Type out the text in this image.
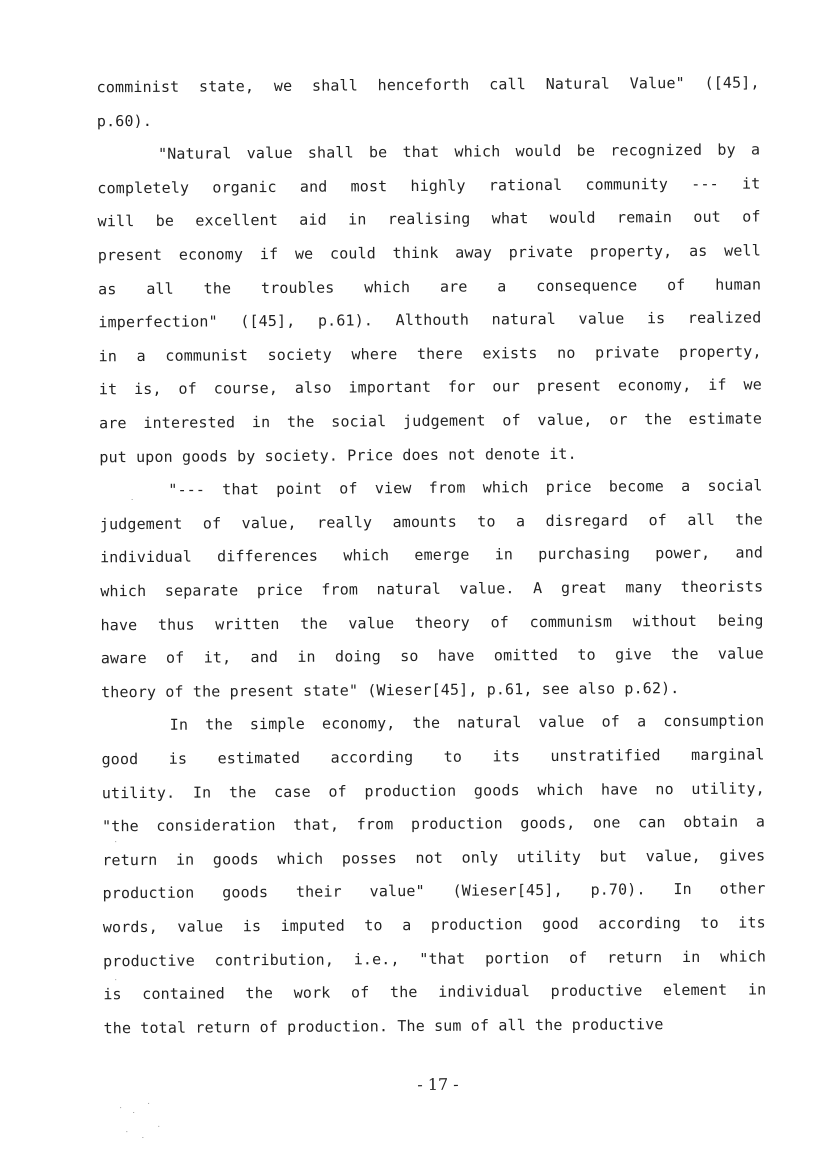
comminist state, we shall henceforth call Natural Value" ([45],
p.60).
"Natural value shall be that which would be recognized by a
completely organic and most highly rational community --- it
will be excellent aid in realising what would remain out of
present economy if we could think away private property, as well
as all the troubles which are a consequence of human
imperfection" ([45], p.61). Althouth natural value is realized
in a communist society where there exists no private property,
it is, of course, also important for our present economy, if we
are interested in the social judgement of value, or the estimate
put upon goods by society. Price does not denote it.
"--- that point of view from which price become a social
judgement of value, really amounts to a disregard of all the
individual differences which emerge in purchasing power, and
which separate price from natural value. A great many theorists
have thus written the value theory of communism without being
aware of it, and in doing so have omitted to give the value
theory of the present state" (Wieser[45], p.61, see also p.62).
In the simple economy, the natural value of a consumption
good is estimated according to its unstratified marginal
utility. In the case of production goods which have no utility,
"the consideration that, from production goods, one can obtain a
return in goods which posses not only utility but value, gives
production goods their value" (Wieser[45], p.70). In other
words, value is imputed to a production good according to its
productive contribution, i.e., "that portion of return in which
is contained the work of the individual productive element in
the total return of production. The sum of all the productive
- 17 -
